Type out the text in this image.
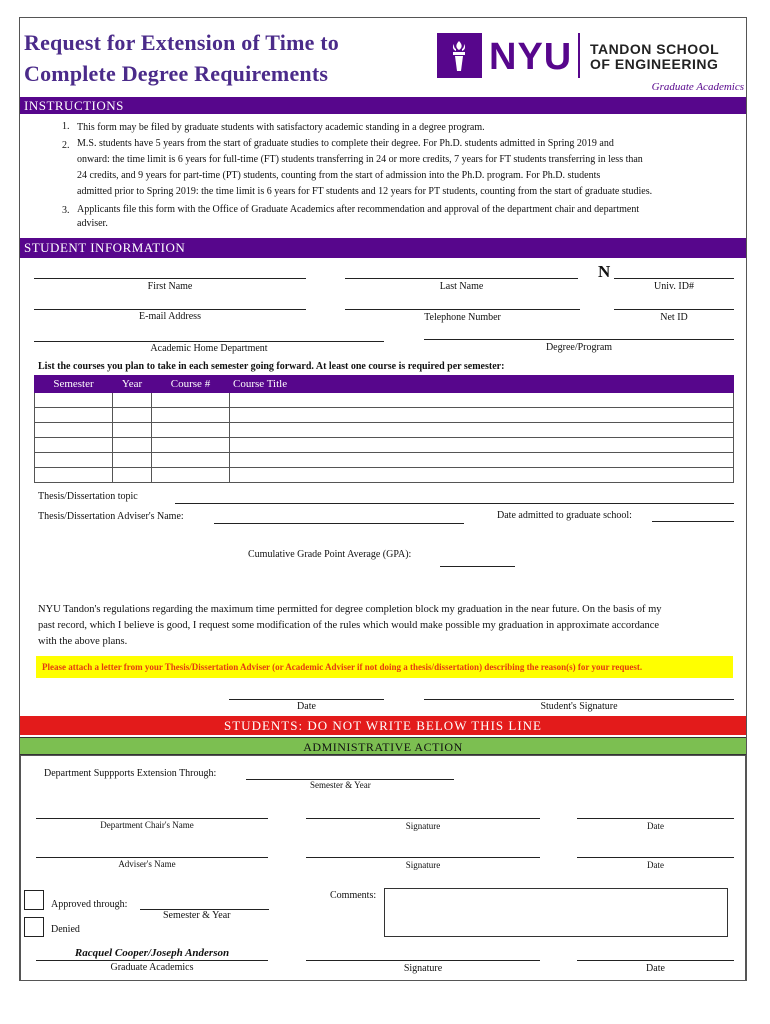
Request for Extension of Time to
Complete Degree Requirements	NYU TANDON SCHOOL
OF ENGINEERING
Graduate Academics
INSTRUCTIONS
1. This form may be filed by graduate students with satisfactory academic standing in a degree program.
2. M.S. students have 5 years from the start of graduate studies to complete their degree. For Ph.D. students admitted in Spring 2019 and
onward: the time limit is 6 years for full-time (FT) students transferring in 24 or more credits, 7 years for FT students transferring in less than
24 credits, and 9 years for part-time (PT) students, counting from the start of admission into the Ph.D. program. For Ph.D. students
admitted prior to Spring 2019: the time limit is 6 years for FT students and 12 years for PT students, counting from the start of graduate studies.
3. Applicants file this form with the Office of Graduate Academics after recommendation and approval of the department chair and department
adviser.
STUDENT INFORMATION
First Name	Last Name
N
Univ. ID#
E-mail Address	Telephone Number	Net ID
Academic Home Department	Degree/Program
List the courses you plan to take in each semester going forward. At least one course is required per semester:
Semester	Year	Course #	Course Title

Thesis/Dissertation topic
Thesis/Dissertation Adviser's Name:	Date admitted to graduate school:
Cumulative Grade Point Average (GPA):
NYU Tandon's regulations regarding the maximum time permitted for degree completion block my graduation in the near future. On the basis of my
past record, which I believe is good, I request some modification of the rules which would make possible my graduation in approximate accordance
with the above plans.
Please attach a letter from your Thesis/Dissertation Adviser (or Academic Adviser if not doing a thesis/dissertation) describing the reason(s) for your request.
Date	Student's Signature
STUDENTS: DO NOT WRITE BELOW THIS LINE
ADMINISTRATIVE ACTION
Department Suppports Extension Through:
Semester & Year
Department Chair's Name	Signature	Date
Adviser's Name	Signature	Date
Approved through:
Semester & Year
Denied
Comments:
Racquel Cooper/Joseph Anderson
Graduate Academics	Signature	Date
